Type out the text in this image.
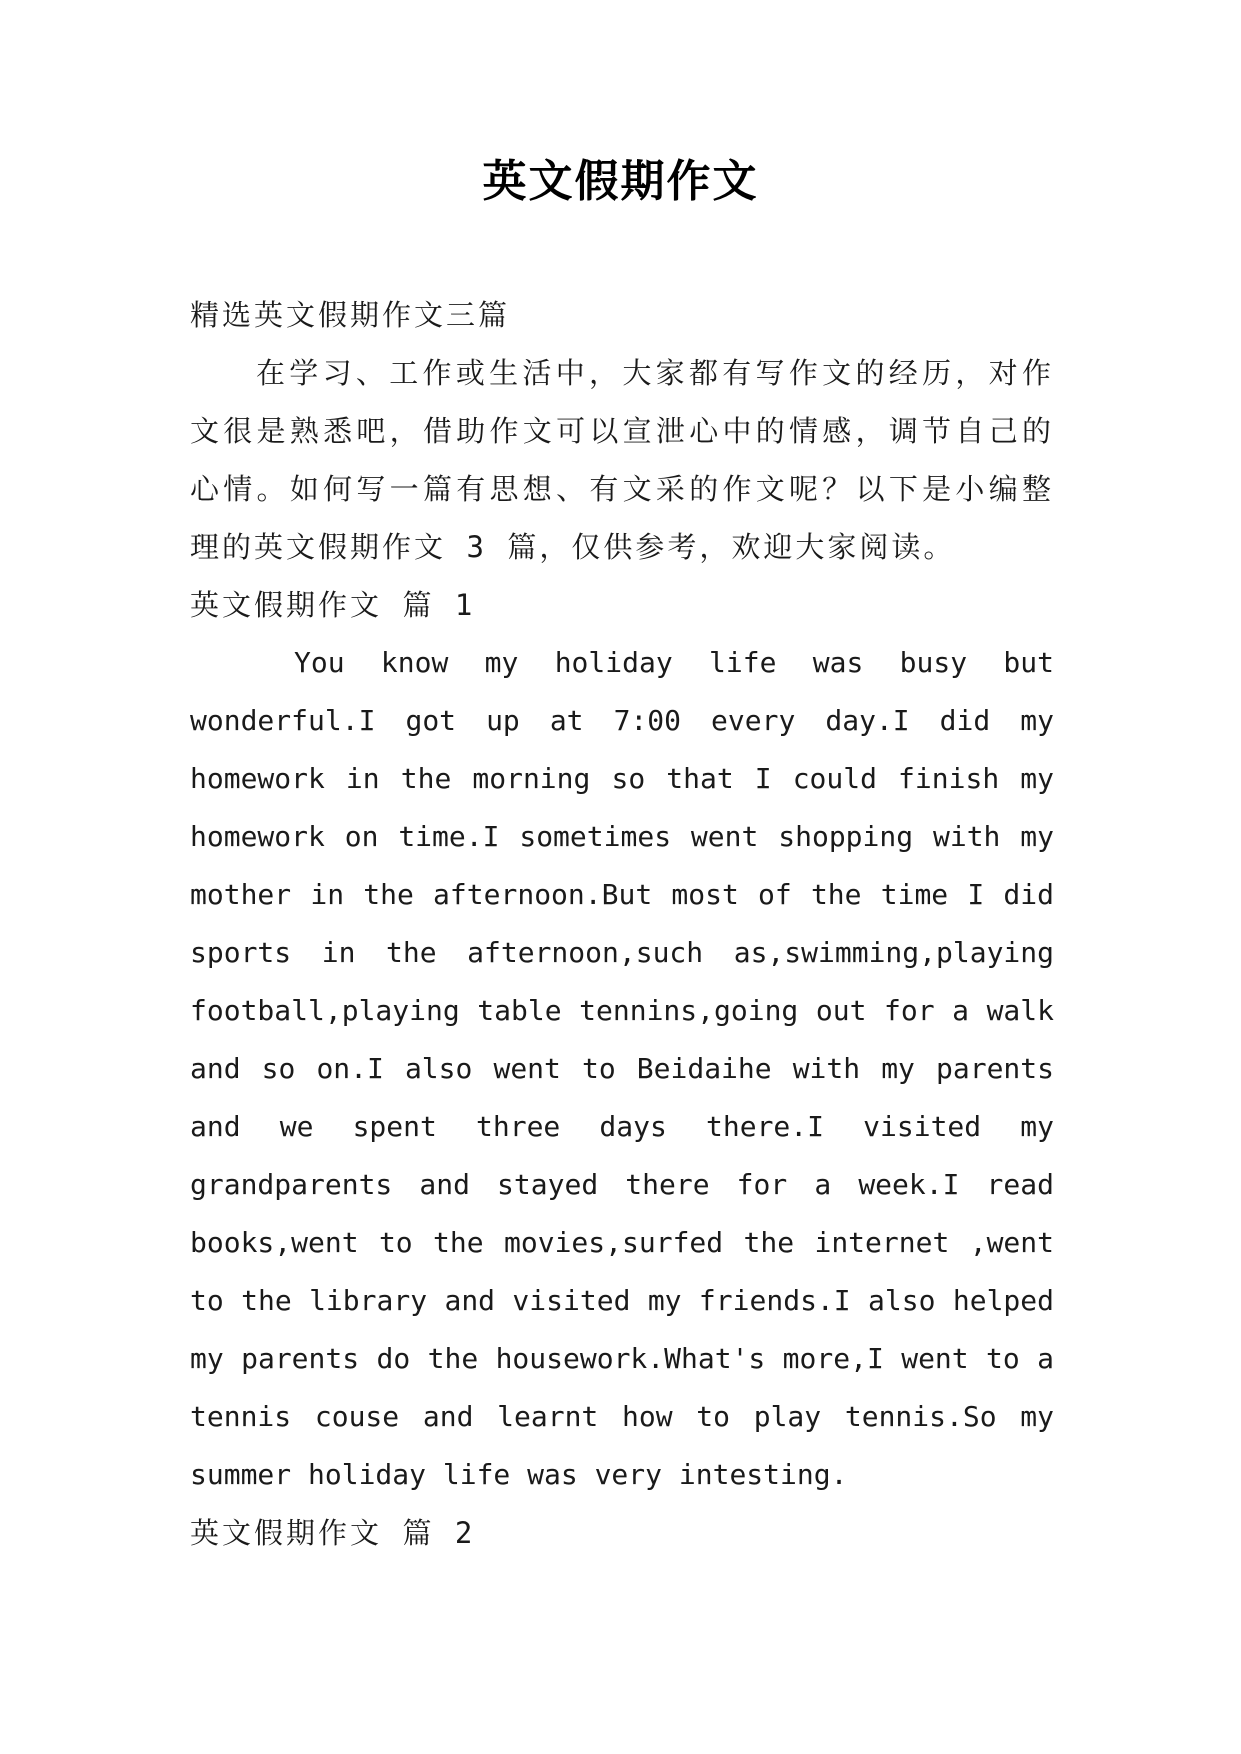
英文假期作文
精选英文假期作文三篇
在学习、工作或生活中，大家都有写作文的经历，对作
文很是熟悉吧，借助作文可以宣泄心中的情感，调节自己的
心情。如何写一篇有思想、有文采的作文呢？以下是小编整
理的英文假期作文 3 篇，仅供参考，欢迎大家阅读。
英文假期作文 篇 1
You know my holiday life was busy but
wonderful.I got up at 7:00 every day.I did my
homework in the morning so that I could finish my
homework on time.I sometimes went shopping with my
mother in the afternoon.But most of the time I did
sports in the afternoon,such as,swimming,playing
football,playing table tennins,going out for a walk
and so on.I also went to Beidaihe with my parents
and we spent three days there.I visited my
grandparents and stayed there for a week.I read
books,went to the movies,surfed the internet ,went
to the library and visited my friends.I also helped
my parents do the housework.What's more,I went to a
tennis couse and learnt how to play tennis.So my
summer holiday life was very intesting.
英文假期作文 篇 2
